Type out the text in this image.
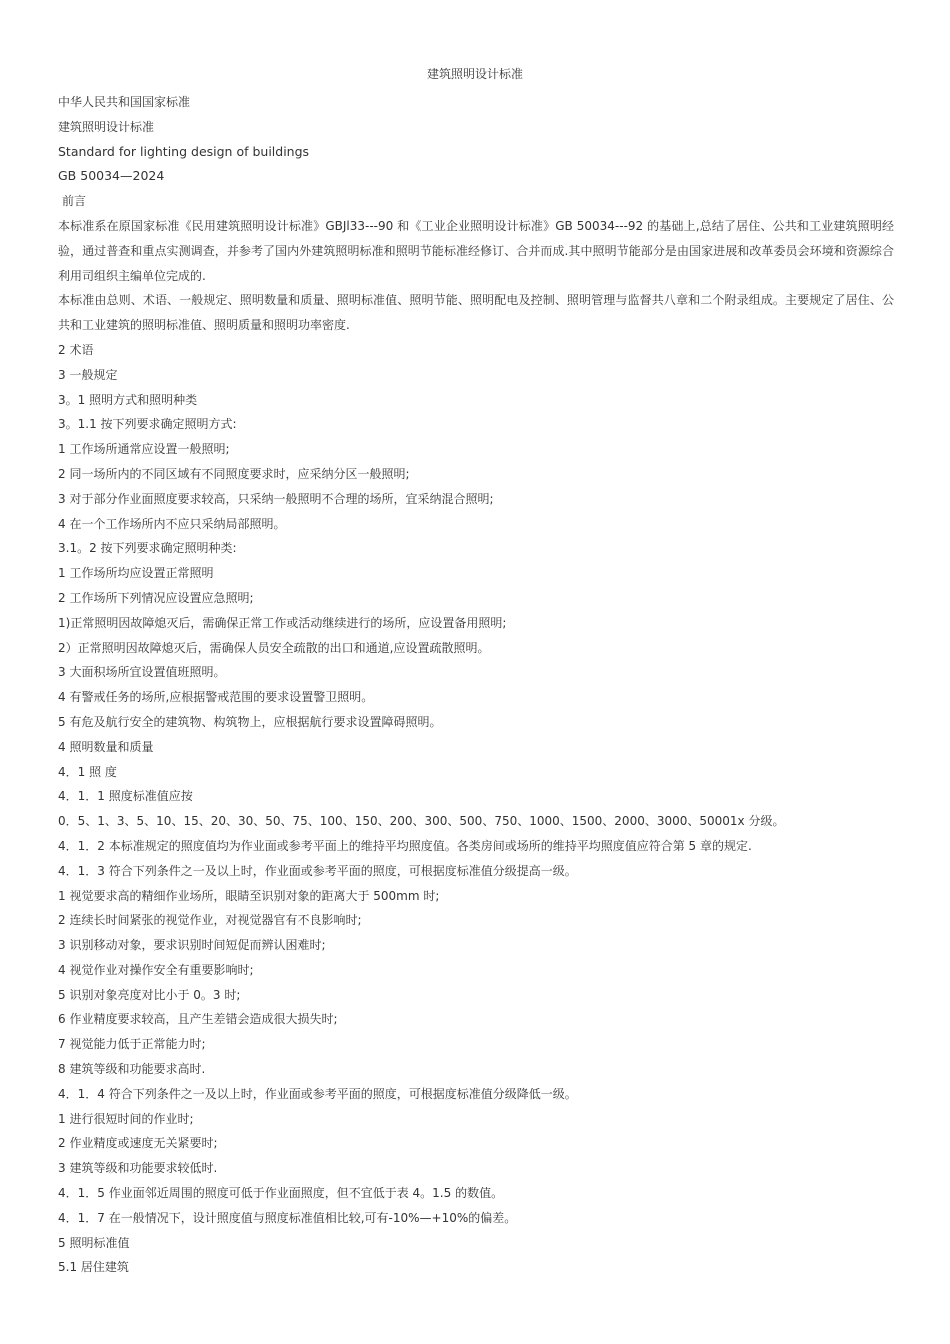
建筑照明设计标准

中华人民共和国国家标准

建筑照明设计标准

Standard for lighting design of buildings

GB 50034—2024

前言

本标准系在原国家标准《民用建筑照明设计标准》GBJl33---90 和《工业企业照明设计标准》GB 50034---92 的基础上,总结了居住、公共和工业建筑照明经验，通过普查和重点实测调查，并参考了国内外建筑照明标准和照明节能标准经修订、合并而成.其中照明节能部分是由国家进展和改革委员会环境和资源综合利用司组织主编单位完成的.

本标准由总则、术语、一般规定、照明数量和质量、照明标准值、照明节能、照明配电及控制、照明管理与监督共八章和二个附录组成。主要规定了居住、公共和工业建筑的照明标准值、照明质量和照明功率密度.

2 术语

3 一般规定

3。1 照明方式和照明种类

3。1.1 按下列要求确定照明方式:

1 工作场所通常应设置一般照明;

2 同一场所内的不同区域有不同照度要求时，应采纳分区一般照明;

3 对于部分作业面照度要求较高，只采纳一般照明不合理的场所，宜采纳混合照明;

4 在一个工作场所内不应只采纳局部照明。

3.1。2 按下列要求确定照明种类:

1 工作场所均应设置正常照明

2 工作场所下列情况应设置应急照明;

1)正常照明因故障熄灭后，需确保正常工作或活动继续进行的场所，应设置备用照明;

2）正常照明因故障熄灭后，需确保人员安全疏散的出口和通道,应设置疏散照明。

3 大面积场所宜设置值班照明。

4 有警戒任务的场所,应根据警戒范围的要求设置警卫照明。

5 有危及航行安全的建筑物、构筑物上，应根据航行要求设置障碍照明。

4 照明数量和质量

4．1 照 度

4．1．1 照度标准值应按

0．5、1、3、5、10、15、20、30、50、75、100、150、200、300、500、750、1000、1500、2000、3000、50001x 分级。

4．1．2 本标准规定的照度值均为作业面或参考平面上的维持平均照度值。各类房间或场所的维持平均照度值应符合第 5 章的规定.

4．1．3 符合下列条件之一及以上时，作业面或参考平面的照度，可根据度标准值分级提高一级。

1 视觉要求高的精细作业场所，眼睛至识别对象的距离大于 500mm 时;

2 连续长时间紧张的视觉作业，对视觉器官有不良影响时;

3 识别移动对象，要求识别时间短促而辨认困难时;

4 视觉作业对操作安全有重要影响时;

5 识别对象亮度对比小于 0。3 时;

6 作业精度要求较高，且产生差错会造成很大损失时;

7 视觉能力低于正常能力时;

8 建筑等级和功能要求高时.

4．1．4 符合下列条件之一及以上时，作业面或参考平面的照度，可根据度标准值分级降低一级。

1 进行很短时间的作业时;

2 作业精度或速度无关紧要时;

3 建筑等级和功能要求较低时.

4．1．5 作业面邻近周围的照度可低于作业面照度，但不宜低于表 4。1.5 的数值。

4．1．7 在一般情况下，设计照度值与照度标准值相比较,可有-10%—+10%的偏差。

5 照明标准值

5.1 居住建筑
